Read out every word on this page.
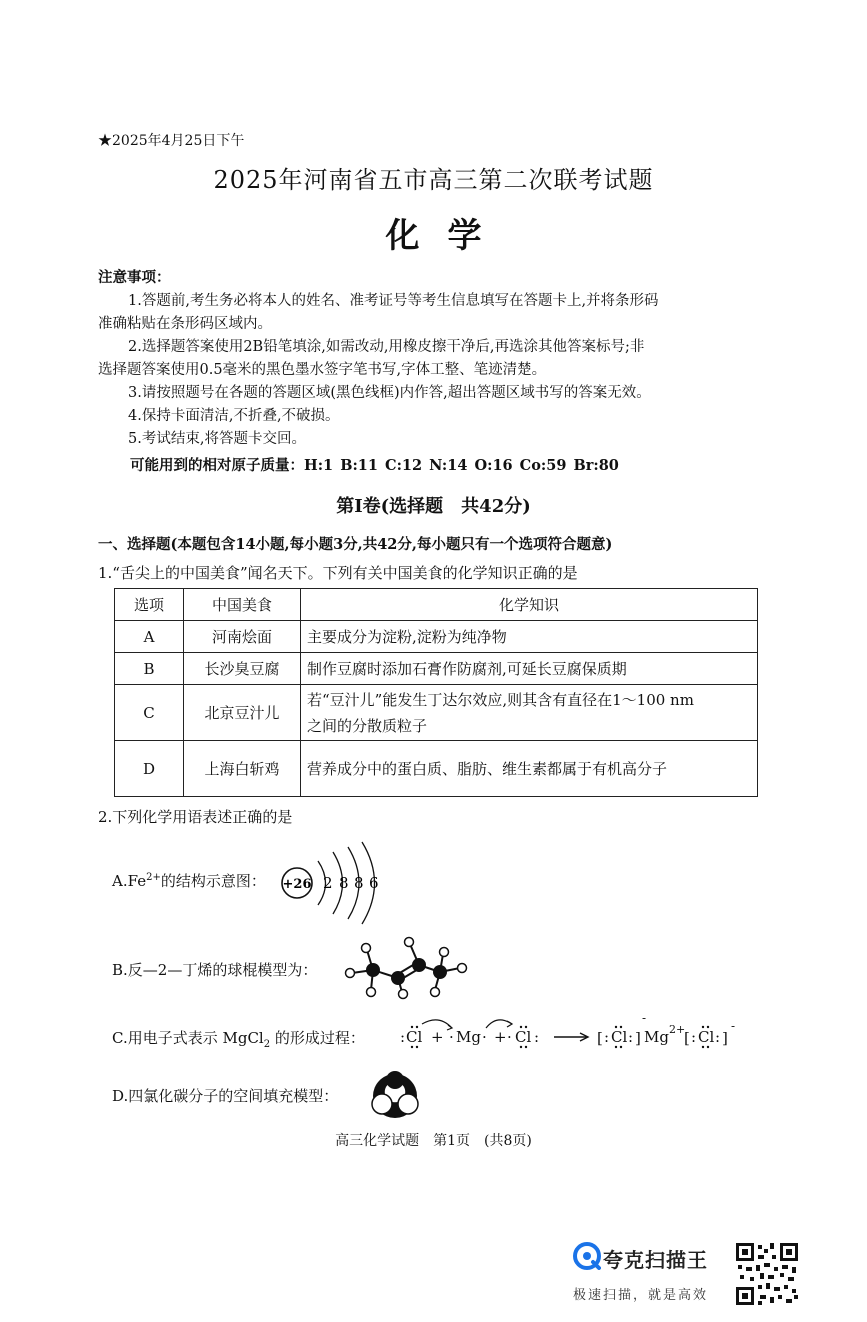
★2025年4月25日下午
2025年河南省五市高三第二次联考试题
化学
注意事项：
1.答题前,考生务必将本人的姓名、准考证号等考生信息填写在答题卡上,并将条形码
准确粘贴在条形码区域内。
2.选择题答案使用2B铅笔填涂,如需改动,用橡皮擦干净后,再选涂其他答案标号;非
选择题答案使用0.5毫米的黑色墨水签字笔书写,字体工整、笔迹清楚。
3.请按照题号在各题的答题区域(黑色线框)内作答,超出答题区域书写的答案无效。
4.保持卡面清洁,不折叠,不破损。
5.考试结束,将答题卡交回。
可能用到的相对原子质量：H:1 B:11 C:12 N:14 O:16 Co:59 Br:80
第Ⅰ卷(选择题　共42分)
一、选择题(本题包含14小题,每小题3分,共42分,每小题只有一个选项符合题意)
1.“舌尖上的中国美食”闻名天下。下列有关中国美食的化学知识正确的是
选项	中国美食	化学知识
A	河南烩面	主要成分为淀粉,淀粉为纯净物
B	长沙臭豆腐	制作豆腐时添加石膏作防腐剂,可延长豆腐保质期
C	北京豆汁儿	若“豆汁儿”能发生丁达尔效应,则其含有直径在1～100 nm
之间的分散质粒子

D	上海白斩鸡	营养成分中的蛋白质、脂肪、维生素都属于有机高分子
2.下列化学用语表述正确的是
$A.Fe^{2+}$的结构示意图： +26 2 8 8 6
B.反—2—丁烯的球棍模型为：
C.用电子式表示 MgCl$_2$ 的形成过程： : Cl + · Mg · + · Cl :	[ : Cl : ] Mg 2+
[ : Cl : ]
-
-
D.四氯化碳分子的空间填充模型：
高三化学试题　第1页　(共8页)
夸克扫描王
极速扫描，就是高效
